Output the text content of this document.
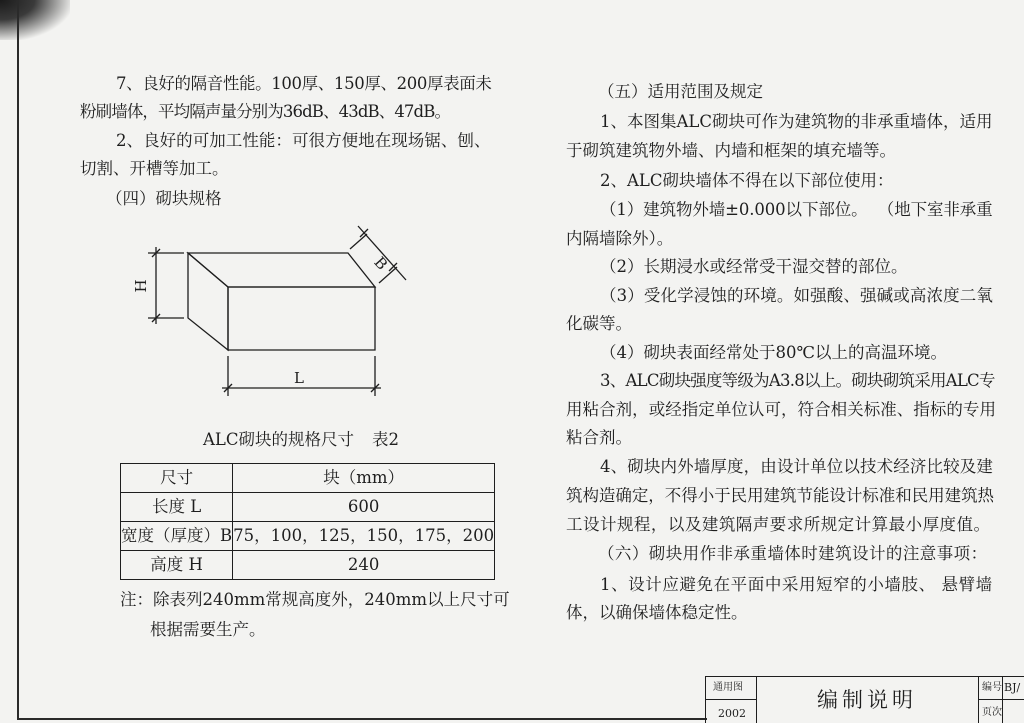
7、良好的隔音性能。100厚、150厚、200厚表面未
粉刷墙体，平均隔声量分别为36dB、43dB、47dB。
2、良好的可加工性能：可很方便地在现场锯、刨、
切割、开槽等加工。
（四）砌块规格
H
B
L
ALC砌块的规格尺寸 表2
尺寸	块（mm）
长度 L	600
宽度（厚度）B	75，100，125，150，175，200
高度 H	240
注：除表列240mm常规高度外，240mm以上尺寸可
根据需要生产。
（五）适用范围及规定
1、本图集ALC砌块可作为建筑物的非承重墙体，适用
于砌筑建筑物外墙、内墙和框架的填充墙等。
2、ALC砌块墙体不得在以下部位使用：
（1）建筑物外墙±0.000以下部位。  （地下室非承重
内隔墙除外）。
（2）长期浸水或经常受干湿交替的部位。
（3）受化学浸蚀的环境。如强酸、强碱或高浓度二氧
化碳等。
（4）砌块表面经常处于80℃以上的高温环境。
3、ALC砌块强度等级为A3.8以上。砌块砌筑采用ALC专
用粘合剂，或经指定单位认可，符合相关标准、指标的专用
粘合剂。
4、砌块内外墙厚度，由设计单位以技术经济比较及建
筑构造确定，不得小于民用建筑节能设计标准和民用建筑热
工设计规程，以及建筑隔声要求所规定计算最小厚度值。
（六）砌块用作非承重墙体时建筑设计的注意事项：
1、设计应避免在平面中采用短窄的小墙肢、 悬臂墙
体，以确保墙体稳定性。
通用图
2002
编制说明
编号 BJ/
页次
